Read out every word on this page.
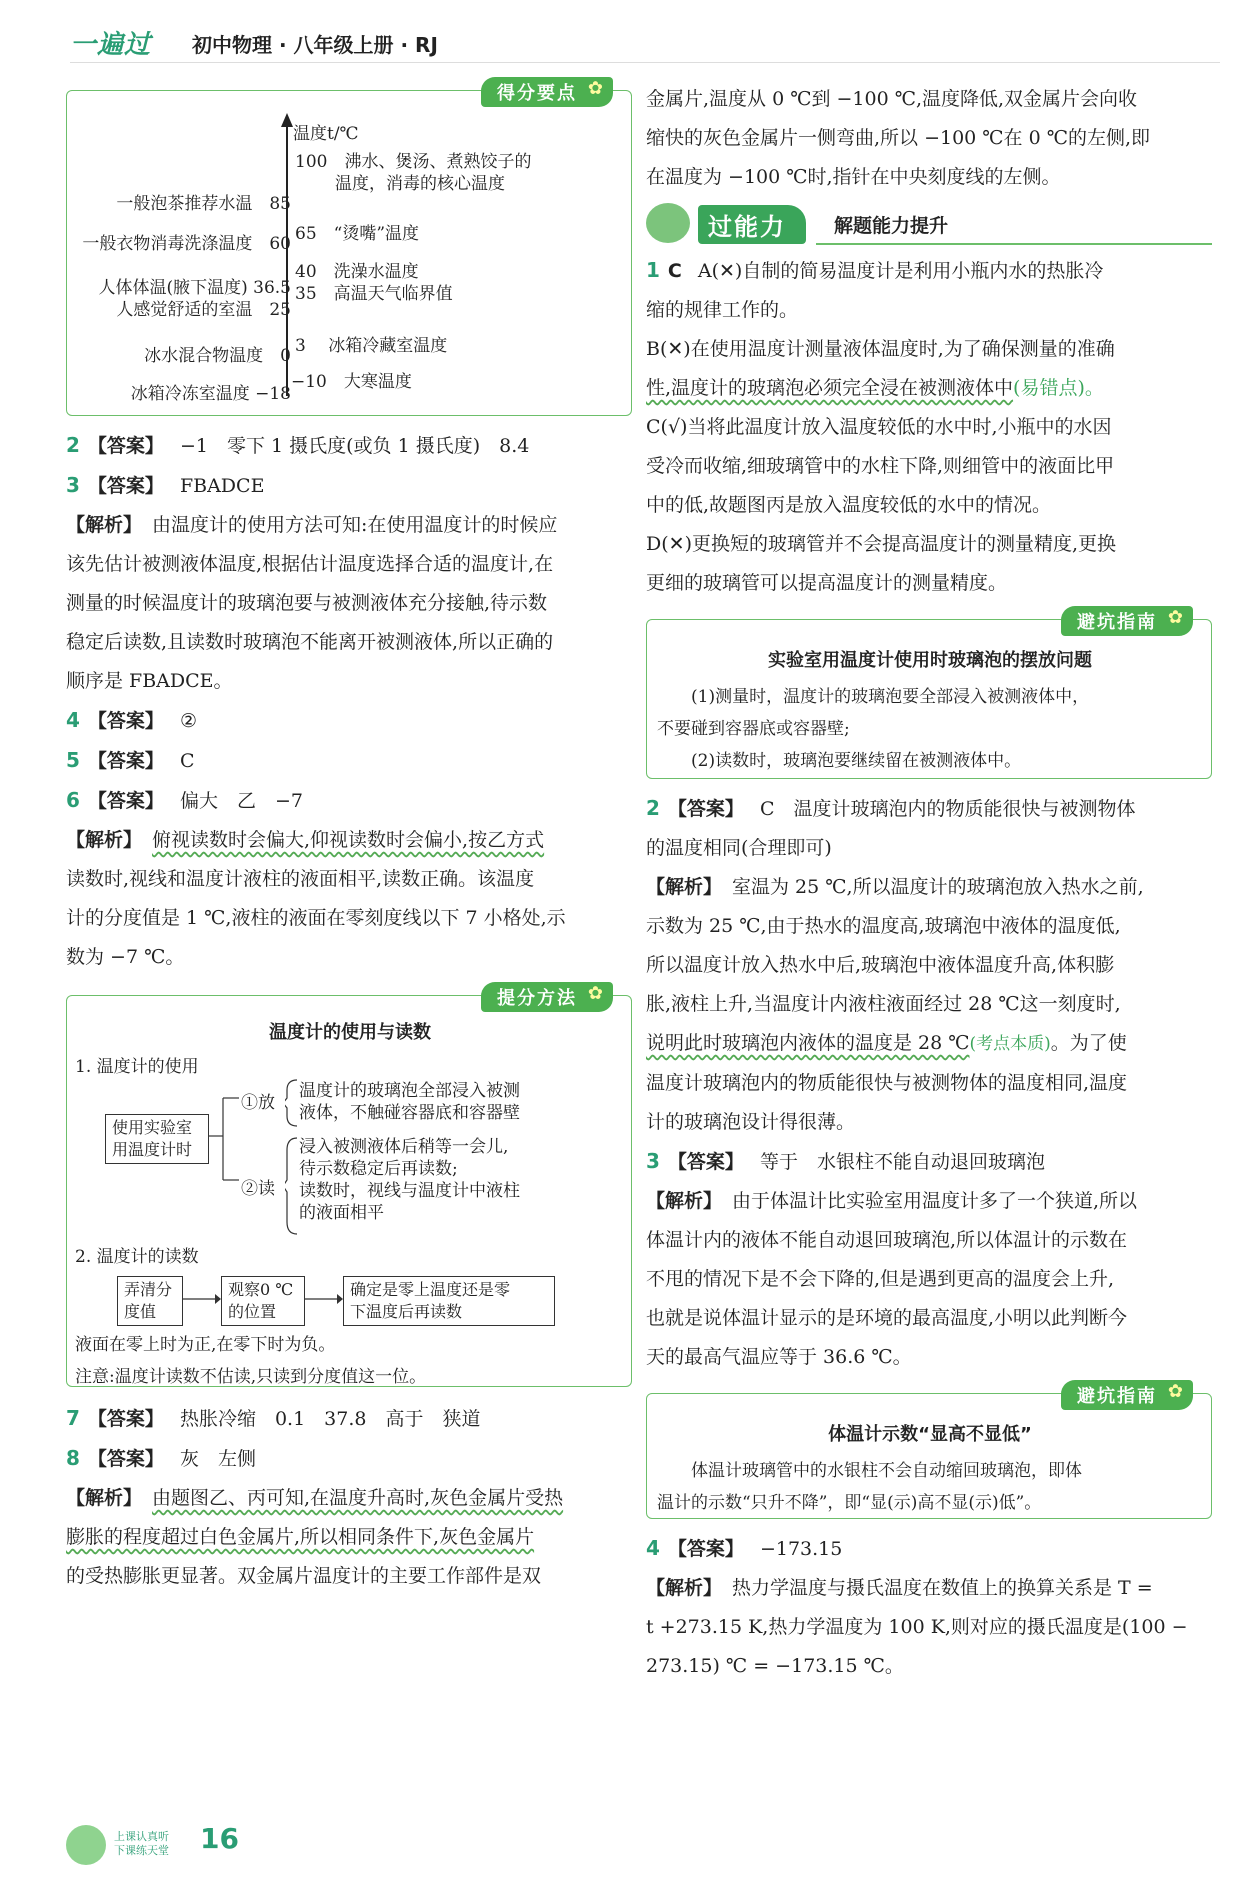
一遍过 初中物理 · 八年级上册 · RJ
得分要点 ✿
温度t/℃
一般泡茶推荐水温　 85
一般衣物消毒洗涤温度　 60
人体体温(腋下温度) 36.5
人感觉舒适的室温　 25
冰水混合物温度　 0
冰箱冷冻室温度 −18
100　 沸水、煲汤、煮熟饺子的
温度，消毒的核心温度
65　 “烫嘴”温度
40　 洗澡水温度
35　 高温天气临界值
3　 冰箱冷藏室温度
−10　 大寒温度
2 【答案】 −1　零下 1 摄氏度(或负 1 摄氏度)　8.4
3 【答案】 FBADCE
【解析】 由温度计的使用方法可知:在使用温度计的时候应
该先估计被测液体温度,根据估计温度选择合适的温度计,在
测量的时候温度计的玻璃泡要与被测液体充分接触,待示数
稳定后读数,且读数时玻璃泡不能离开被测液体,所以正确的
顺序是 FBADCE。
4 【答案】 ②
5 【答案】 C
6 【答案】 偏大　乙　−7
【解析】 俯视读数时会偏大,仰视读数时会偏小,按乙方式
读数时,视线和温度计液柱的液面相平,读数正确。该温度
计的分度值是 1 ℃,液柱的液面在零刻度线以下 7 小格处,示
数为 −7 ℃。
提分方法 ✿
温度计的使用与读数
1. 温度计的使用
使用实验室
用温度计时
①放
温度计的玻璃泡全部浸入被测
液体，不触碰容器底和容器壁
②读
浸入被测液体后稍等一会儿,
待示数稳定后再读数;
读数时，视线与温度计中液柱
的液面相平
2. 温度计的读数
弄清分
度值
观察0 ℃
的位置
确定是零上温度还是零
下温度后再读数
液面在零上时为正,在零下时为负。
注意:温度计读数不估读,只读到分度值这一位。
7 【答案】 热胀冷缩　0.1　37.8　高于　狭道
8 【答案】 灰　左侧
【解析】 由题图乙、丙可知,在温度升高时,灰色金属片受热
膨胀的程度超过白色金属片,所以相同条件下,灰色金属片
的受热膨胀更显著。双金属片温度计的主要工作部件是双
金属片,温度从 0 ℃到 −100 ℃,温度降低,双金属片会向收
缩快的灰色金属片一侧弯曲,所以 −100 ℃在 0 ℃的左侧,即
在温度为 −100 ℃时,指针在中央刻度线的左侧。
过能力	解题能力提升
1 C A(✕)自制的简易温度计是利用小瓶内水的热胀冷
缩的规律工作的。
B(✕)在使用温度计测量液体温度时,为了确保测量的准确
性,温度计的玻璃泡必须完全浸在被测液体中(易错点)。
C(√)当将此温度计放入温度较低的水中时,小瓶中的水因
受冷而收缩,细玻璃管中的水柱下降,则细管中的液面比甲
中的低,故题图丙是放入温度较低的水中的情况。
D(✕)更换短的玻璃管并不会提高温度计的测量精度,更换
更细的玻璃管可以提高温度计的测量精度。
避坑指南 ✿
实验室用温度计使用时玻璃泡的摆放问题
(1)测量时，温度计的玻璃泡要全部浸入被测液体中，
不要碰到容器底或容器壁;
(2)读数时，玻璃泡要继续留在被测液体中。
2 【答案】 C　温度计玻璃泡内的物质能很快与被测物体
的温度相同(合理即可)
【解析】 室温为 25 ℃,所以温度计的玻璃泡放入热水之前,
示数为 25 ℃,由于热水的温度高,玻璃泡中液体的温度低,
所以温度计放入热水中后,玻璃泡中液体温度升高,体积膨
胀,液柱上升,当温度计内液柱液面经过 28 ℃这一刻度时,
说明此时玻璃泡内液体的温度是 28 ℃(考点本质)。为了使
温度计玻璃泡内的物质能很快与被测物体的温度相同,温度
计的玻璃泡设计得很薄。
3 【答案】 等于　水银柱不能自动退回玻璃泡
【解析】 由于体温计比实验室用温度计多了一个狭道,所以
体温计内的液体不能自动退回玻璃泡,所以体温计的示数在
不甩的情况下是不会下降的,但是遇到更高的温度会上升,
也就是说体温计显示的是环境的最高温度,小明以此判断今
天的最高气温应等于 36.6 ℃。
避坑指南 ✿
体温计示数“显高不显低”
体温计玻璃管中的水银柱不会自动缩回玻璃泡，即体
温计的示数“只升不降”，即“显(示)高不显(示)低”。
4 【答案】 −173.15
【解析】 热力学温度与摄氏温度在数值上的换算关系是 T =
t +273.15 K,热力学温度为 100 K,则对应的摄氏温度是(100 −
273.15) ℃ = −173.15 ℃。
上课认真听
下课练天堂 16
